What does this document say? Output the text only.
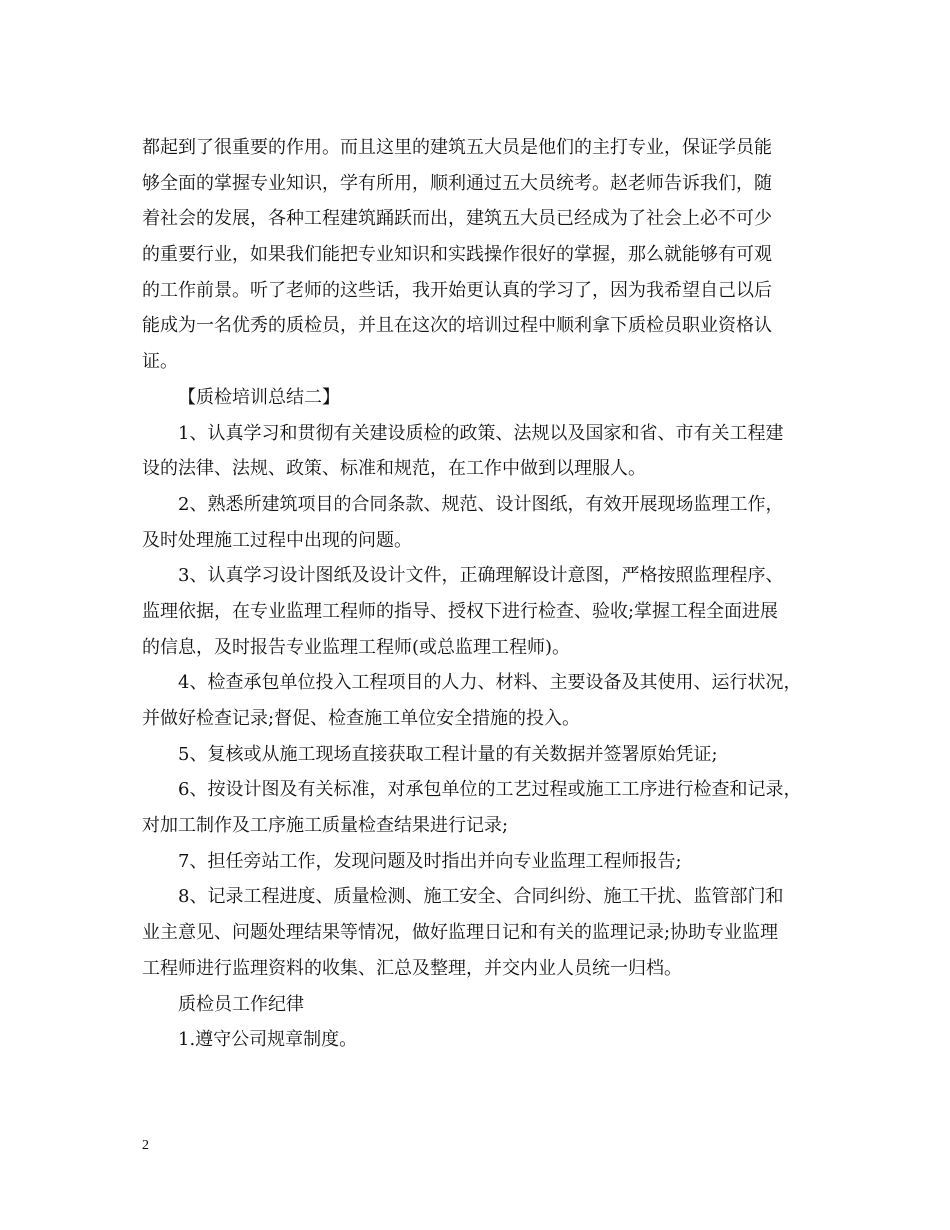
都起到了很重要的作用。而且这里的建筑五大员是他们的主打专业，保证学员能
够全面的掌握专业知识，学有所用，顺利通过五大员统考。赵老师告诉我们，随
着社会的发展，各种工程建筑踊跃而出，建筑五大员已经成为了社会上必不可少
的重要行业，如果我们能把专业知识和实践操作很好的掌握，那么就能够有可观
的工作前景。听了老师的这些话，我开始更认真的学习了，因为我希望自己以后
能成为一名优秀的质检员，并且在这次的培训过程中顺利拿下质检员职业资格认
证。
【质检培训总结二】
1、认真学习和贯彻有关建设质检的政策、法规以及国家和省、市有关工程建
设的法律、法规、政策、标准和规范，在工作中做到以理服人。
2、熟悉所建筑项目的合同条款、规范、设计图纸，有效开展现场监理工作，
及时处理施工过程中出现的问题。
3、认真学习设计图纸及设计文件，正确理解设计意图，严格按照监理程序、
监理依据，在专业监理工程师的指导、授权下进行检查、验收;掌握工程全面进展
的信息，及时报告专业监理工程师(或总监理工程师)。
4、检查承包单位投入工程项目的人力、材料、主要设备及其使用、运行状况，
并做好检查记录;督促、检查施工单位安全措施的投入。
5、复核或从施工现场直接获取工程计量的有关数据并签署原始凭证;
6、按设计图及有关标准，对承包单位的工艺过程或施工工序进行检查和记录，
对加工制作及工序施工质量检查结果进行记录;
7、担任旁站工作，发现问题及时指出并向专业监理工程师报告;
8、记录工程进度、质量检测、施工安全、合同纠纷、施工干扰、监管部门和
业主意见、问题处理结果等情况，做好监理日记和有关的监理记录;协助专业监理
工程师进行监理资料的收集、汇总及整理，并交内业人员统一归档。
质检员工作纪律
1.遵守公司规章制度。
2
